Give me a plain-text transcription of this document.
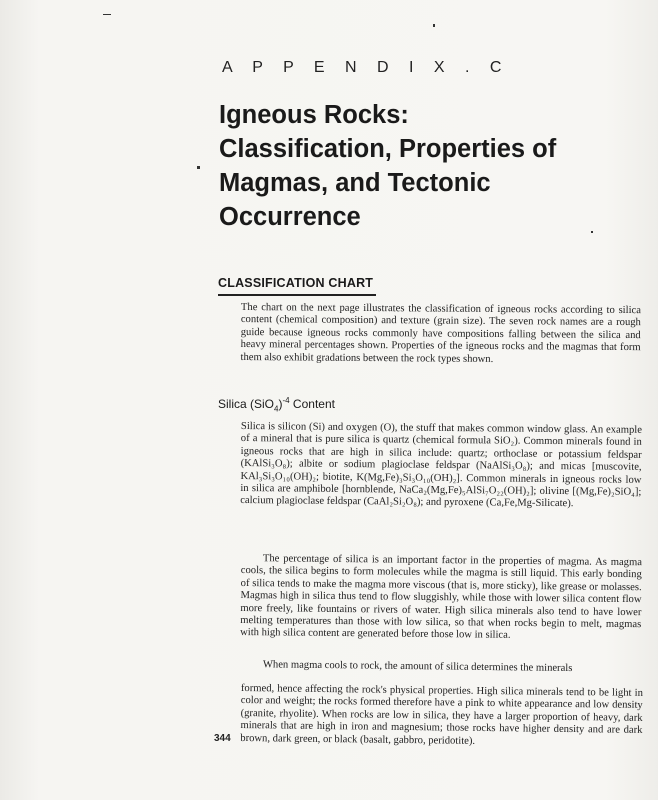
A P P E N D I X . C
Igneous Rocks:
Classification, Properties of
Magmas, and Tectonic
Occurrence
CLASSIFICATION CHART
The chart on the next page illustrates the classification of igneous rocks according to silica content (chemical composition) and texture (grain size). The seven rock names are a rough guide because igneous rocks commonly have compositions falling between the silica and heavy mineral percentages shown. Properties of the igneous rocks and the magmas that form them also exhibit gradations between the rock types shown.
Silica $(SiO_4)^{-4}$ Content
Silica is silicon (Si) and oxygen (O), the stuff that makes common window glass. An example of a mineral that is pure silica is quartz (chemical formula SiO₂). Common minerals found in igneous rocks that are high in silica include: quartz; orthoclase or potassium feldspar (KAlSi₃O₈); albite or sodium plagioclase feldspar (NaAlSi₃O₈); and micas [muscovite, KAl₃Si₃O₁₀(OH)₂; biotite, K(Mg,Fe)₃Si₃O₁₀(OH)₂]. Common minerals in igneous rocks low in silica are amphibole [hornblende, NaCa₂(Mg,Fe)₅AlSi₇O₂₂(OH)₂]; olivine [(Mg,Fe)₂SiO₄]; calcium plagioclase feldspar (CaAl₂Si₂O₈); and pyroxene (Ca,Fe,Mg-Silicate).
The percentage of silica is an important factor in the properties of magma. As magma cools, the silica begins to form molecules while the magma is still liquid. This early bonding of silica tends to make the magma more viscous (that is, more sticky), like grease or molasses. Magmas high in silica thus tend to flow sluggishly, while those with lower silica content flow more freely, like fountains or rivers of water. High silica minerals also tend to have lower melting temperatures than those with low silica, so that when rocks begin to melt, magmas with high silica content are generated before those low in silica.
When magma cools to rock, the amount of silica determines the minerals
formed, hence affecting the rock's physical properties. High silica minerals tend to be light in color and weight; the rocks formed therefore have a pink to white appearance and low density (granite, rhyolite). When rocks are low in silica, they have a larger proportion of heavy, dark minerals that are high in iron and magnesium; those rocks have higher density and are dark brown, dark green, or black (basalt, gabbro, peridotite).
344
